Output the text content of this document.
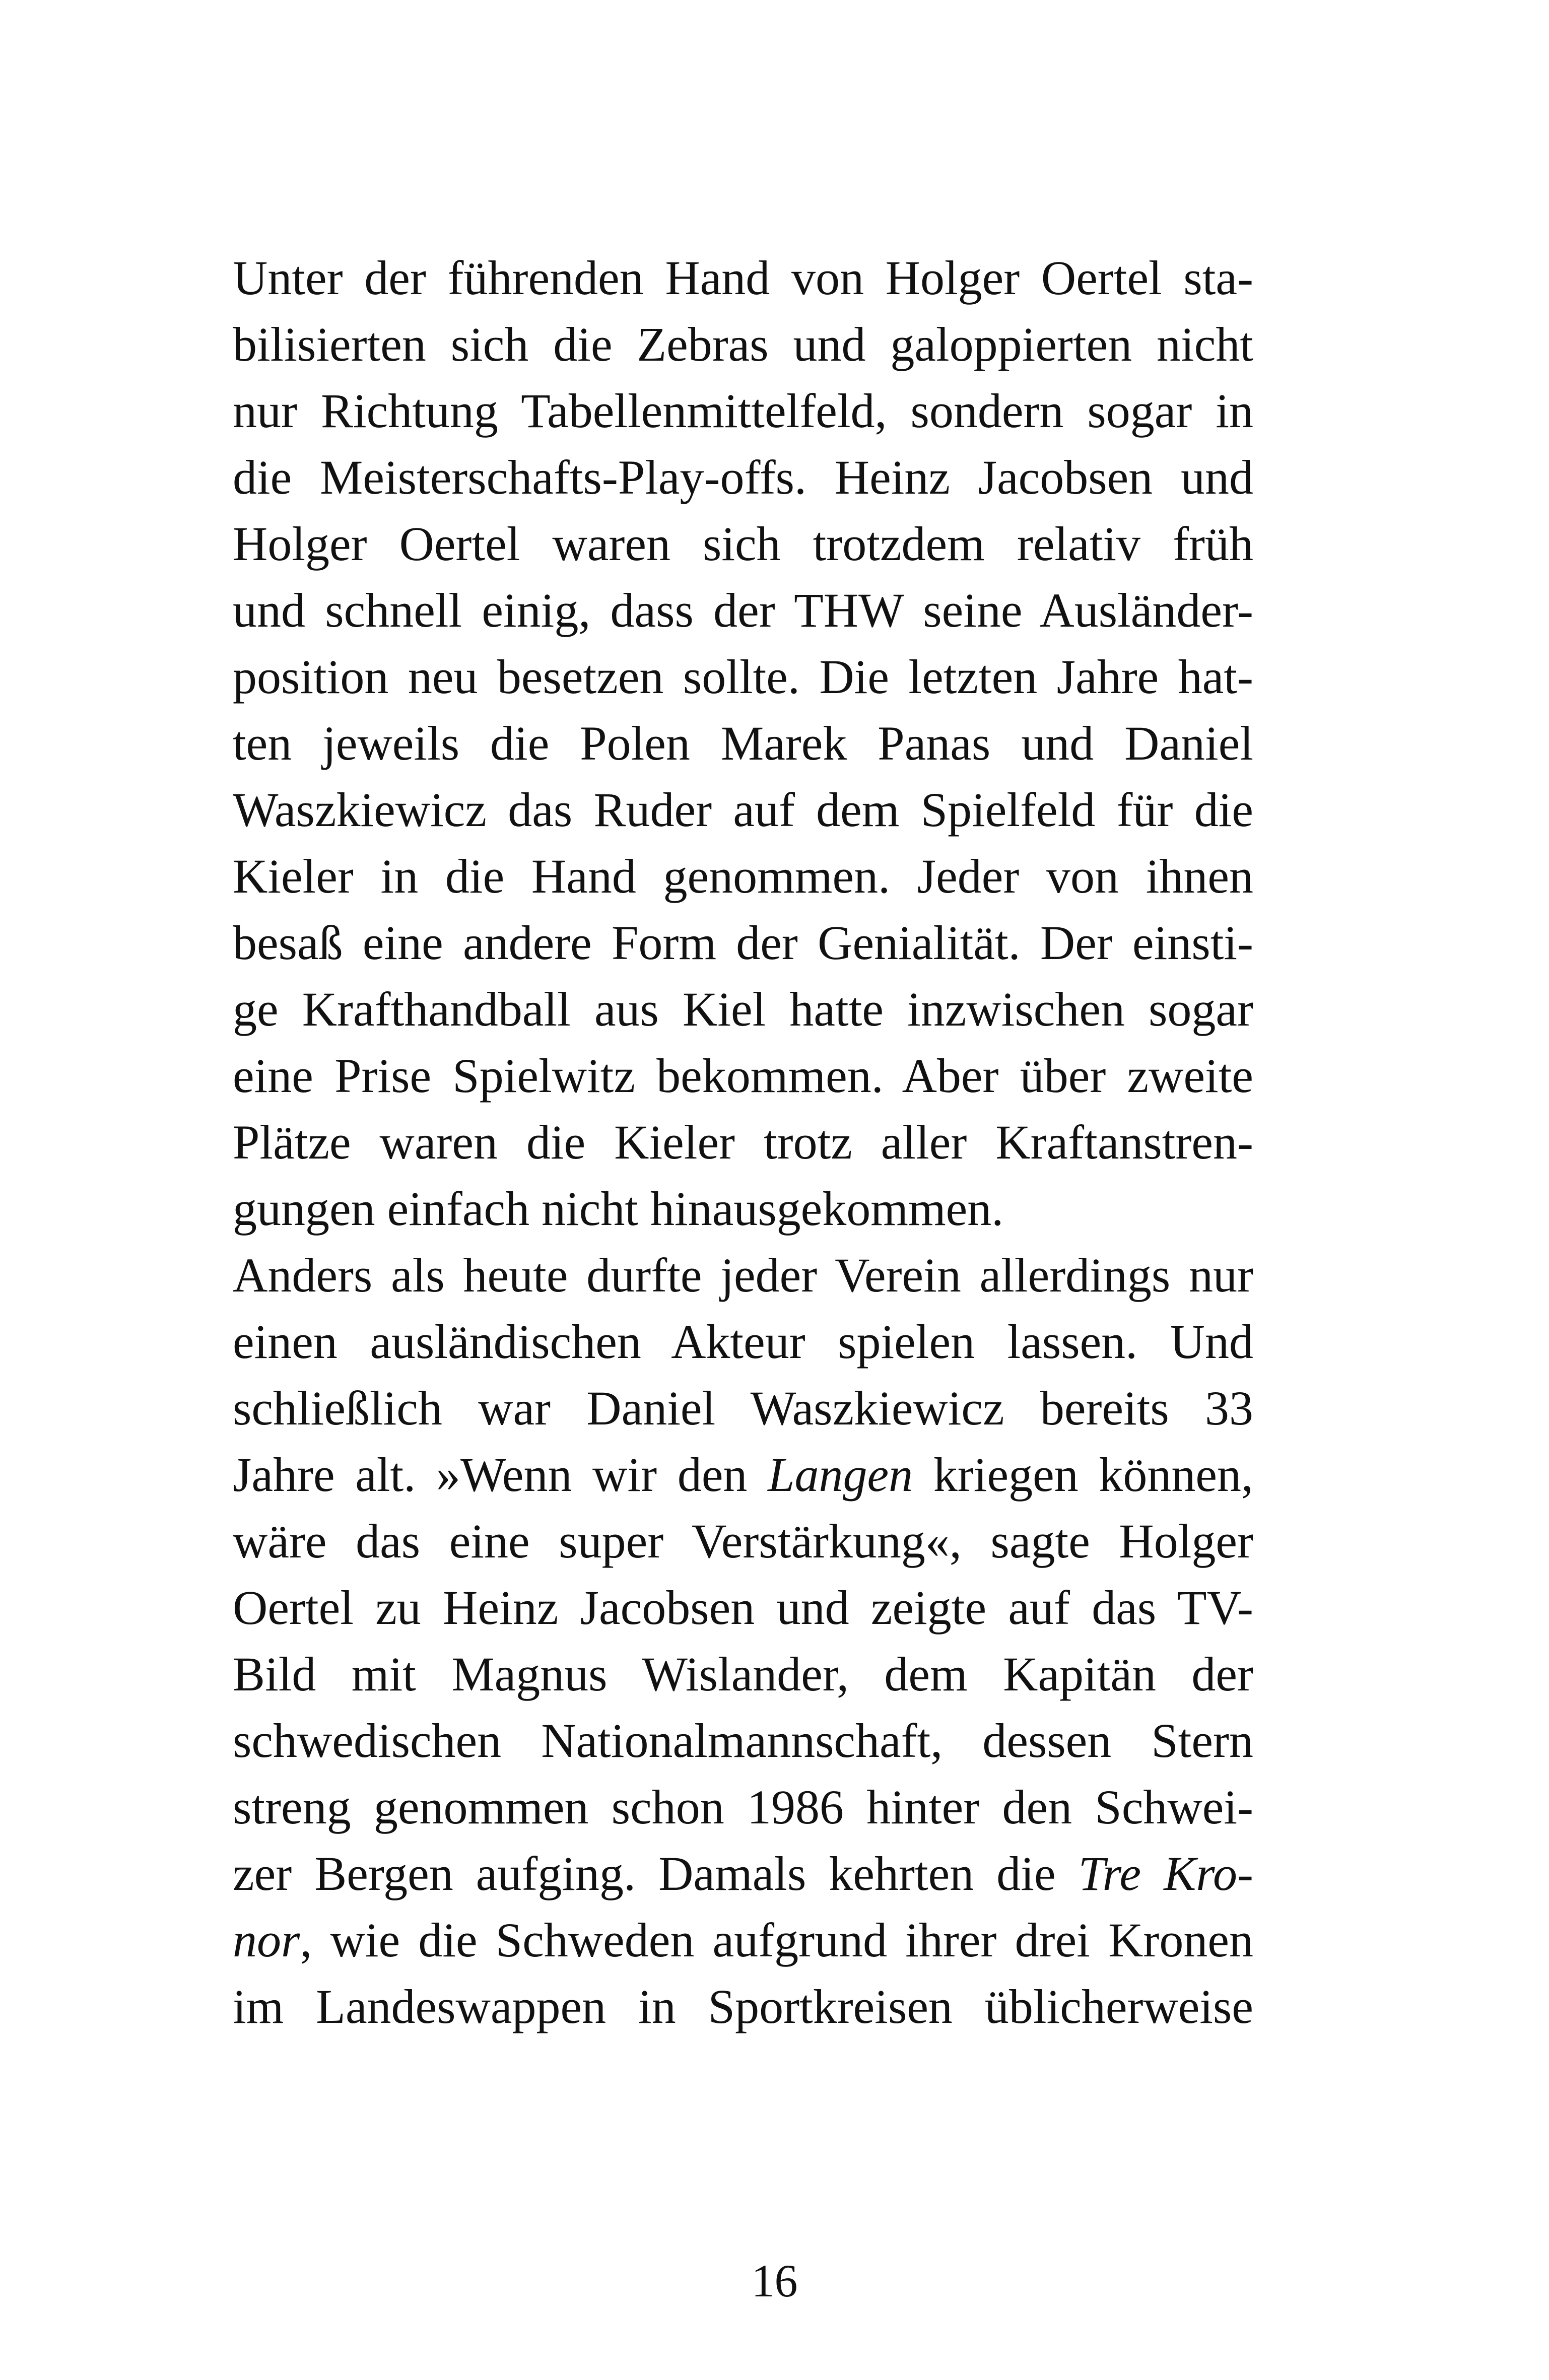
Unter der führenden Hand von Holger Oertel sta-
bilisierten sich die Zebras und galoppierten nicht
nur Richtung Tabellenmittelfeld, sondern sogar in
die Meisterschafts-Play-offs. Heinz Jacobsen und
Holger Oertel waren sich trotzdem relativ früh
und schnell einig, dass der THW seine Ausländer-
position neu besetzen sollte. Die letzten Jahre hat-
ten jeweils die Polen Marek Panas und Daniel
Waszkiewicz das Ruder auf dem Spielfeld für die
Kieler in die Hand genommen. Jeder von ihnen
besaß eine andere Form der Genialität. Der einsti-
ge Krafthandball aus Kiel hatte inzwischen sogar
eine Prise Spielwitz bekommen. Aber über zweite
Plätze waren die Kieler trotz aller Kraftanstren-
gungen einfach nicht hinausgekommen.
Anders als heute durfte jeder Verein allerdings nur
einen ausländischen Akteur spielen lassen. Und
schließlich war Daniel Waszkiewicz bereits 33
Jahre alt. »Wenn wir den Langen kriegen können,
wäre das eine super Verstärkung«, sagte Holger
Oertel zu Heinz Jacobsen und zeigte auf das TV-
Bild mit Magnus Wislander, dem Kapitän der
schwedischen Nationalmannschaft, dessen Stern
streng genommen schon 1986 hinter den Schwei-
zer Bergen aufging. Damals kehrten die Tre Kro-
nor, wie die Schweden aufgrund ihrer drei Kronen
im Landeswappen in Sportkreisen üblicherweise
16
